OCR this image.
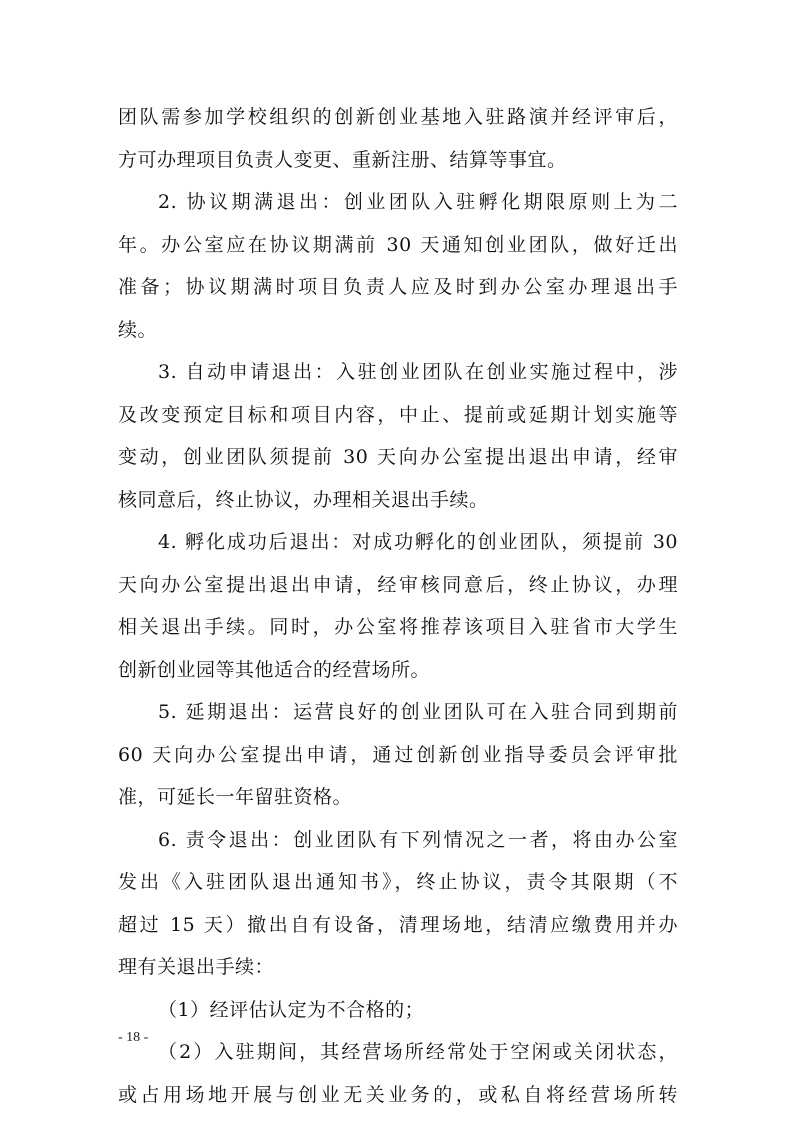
团队需参加学校组织的创新创业基地入驻路演并经评审后，
方可办理项目负责人变更、重新注册、结算等事宜。
2. 协议期满退出：创业团队入驻孵化期限原则上为二
年。办公室应在协议期满前 30 天通知创业团队，做好迁出
准备；协议期满时项目负责人应及时到办公室办理退出手
续。
3. 自动申请退出：入驻创业团队在创业实施过程中，涉
及改变预定目标和项目内容，中止、提前或延期计划实施等
变动，创业团队须提前 30 天向办公室提出退出申请，经审
核同意后，终止协议，办理相关退出手续。
4. 孵化成功后退出：对成功孵化的创业团队，须提前 30
天向办公室提出退出申请，经审核同意后，终止协议，办理
相关退出手续。同时，办公室将推荐该项目入驻省市大学生
创新创业园等其他适合的经营场所。
5. 延期退出：运营良好的创业团队可在入驻合同到期前
60 天向办公室提出申请，通过创新创业指导委员会评审批
准，可延长一年留驻资格。
6. 责令退出：创业团队有下列情况之一者，将由办公室
发出《入驻团队退出通知书》，终止协议，责令其限期（不
超过 15 天）撤出自有设备，清理场地，结清应缴费用并办
理有关退出手续：
（1）经评估认定为不合格的；
（2）入驻期间，其经营场所经常处于空闲或关闭状态，
或占用场地开展与创业无关业务的，或私自将经营场所转
- 18 -
